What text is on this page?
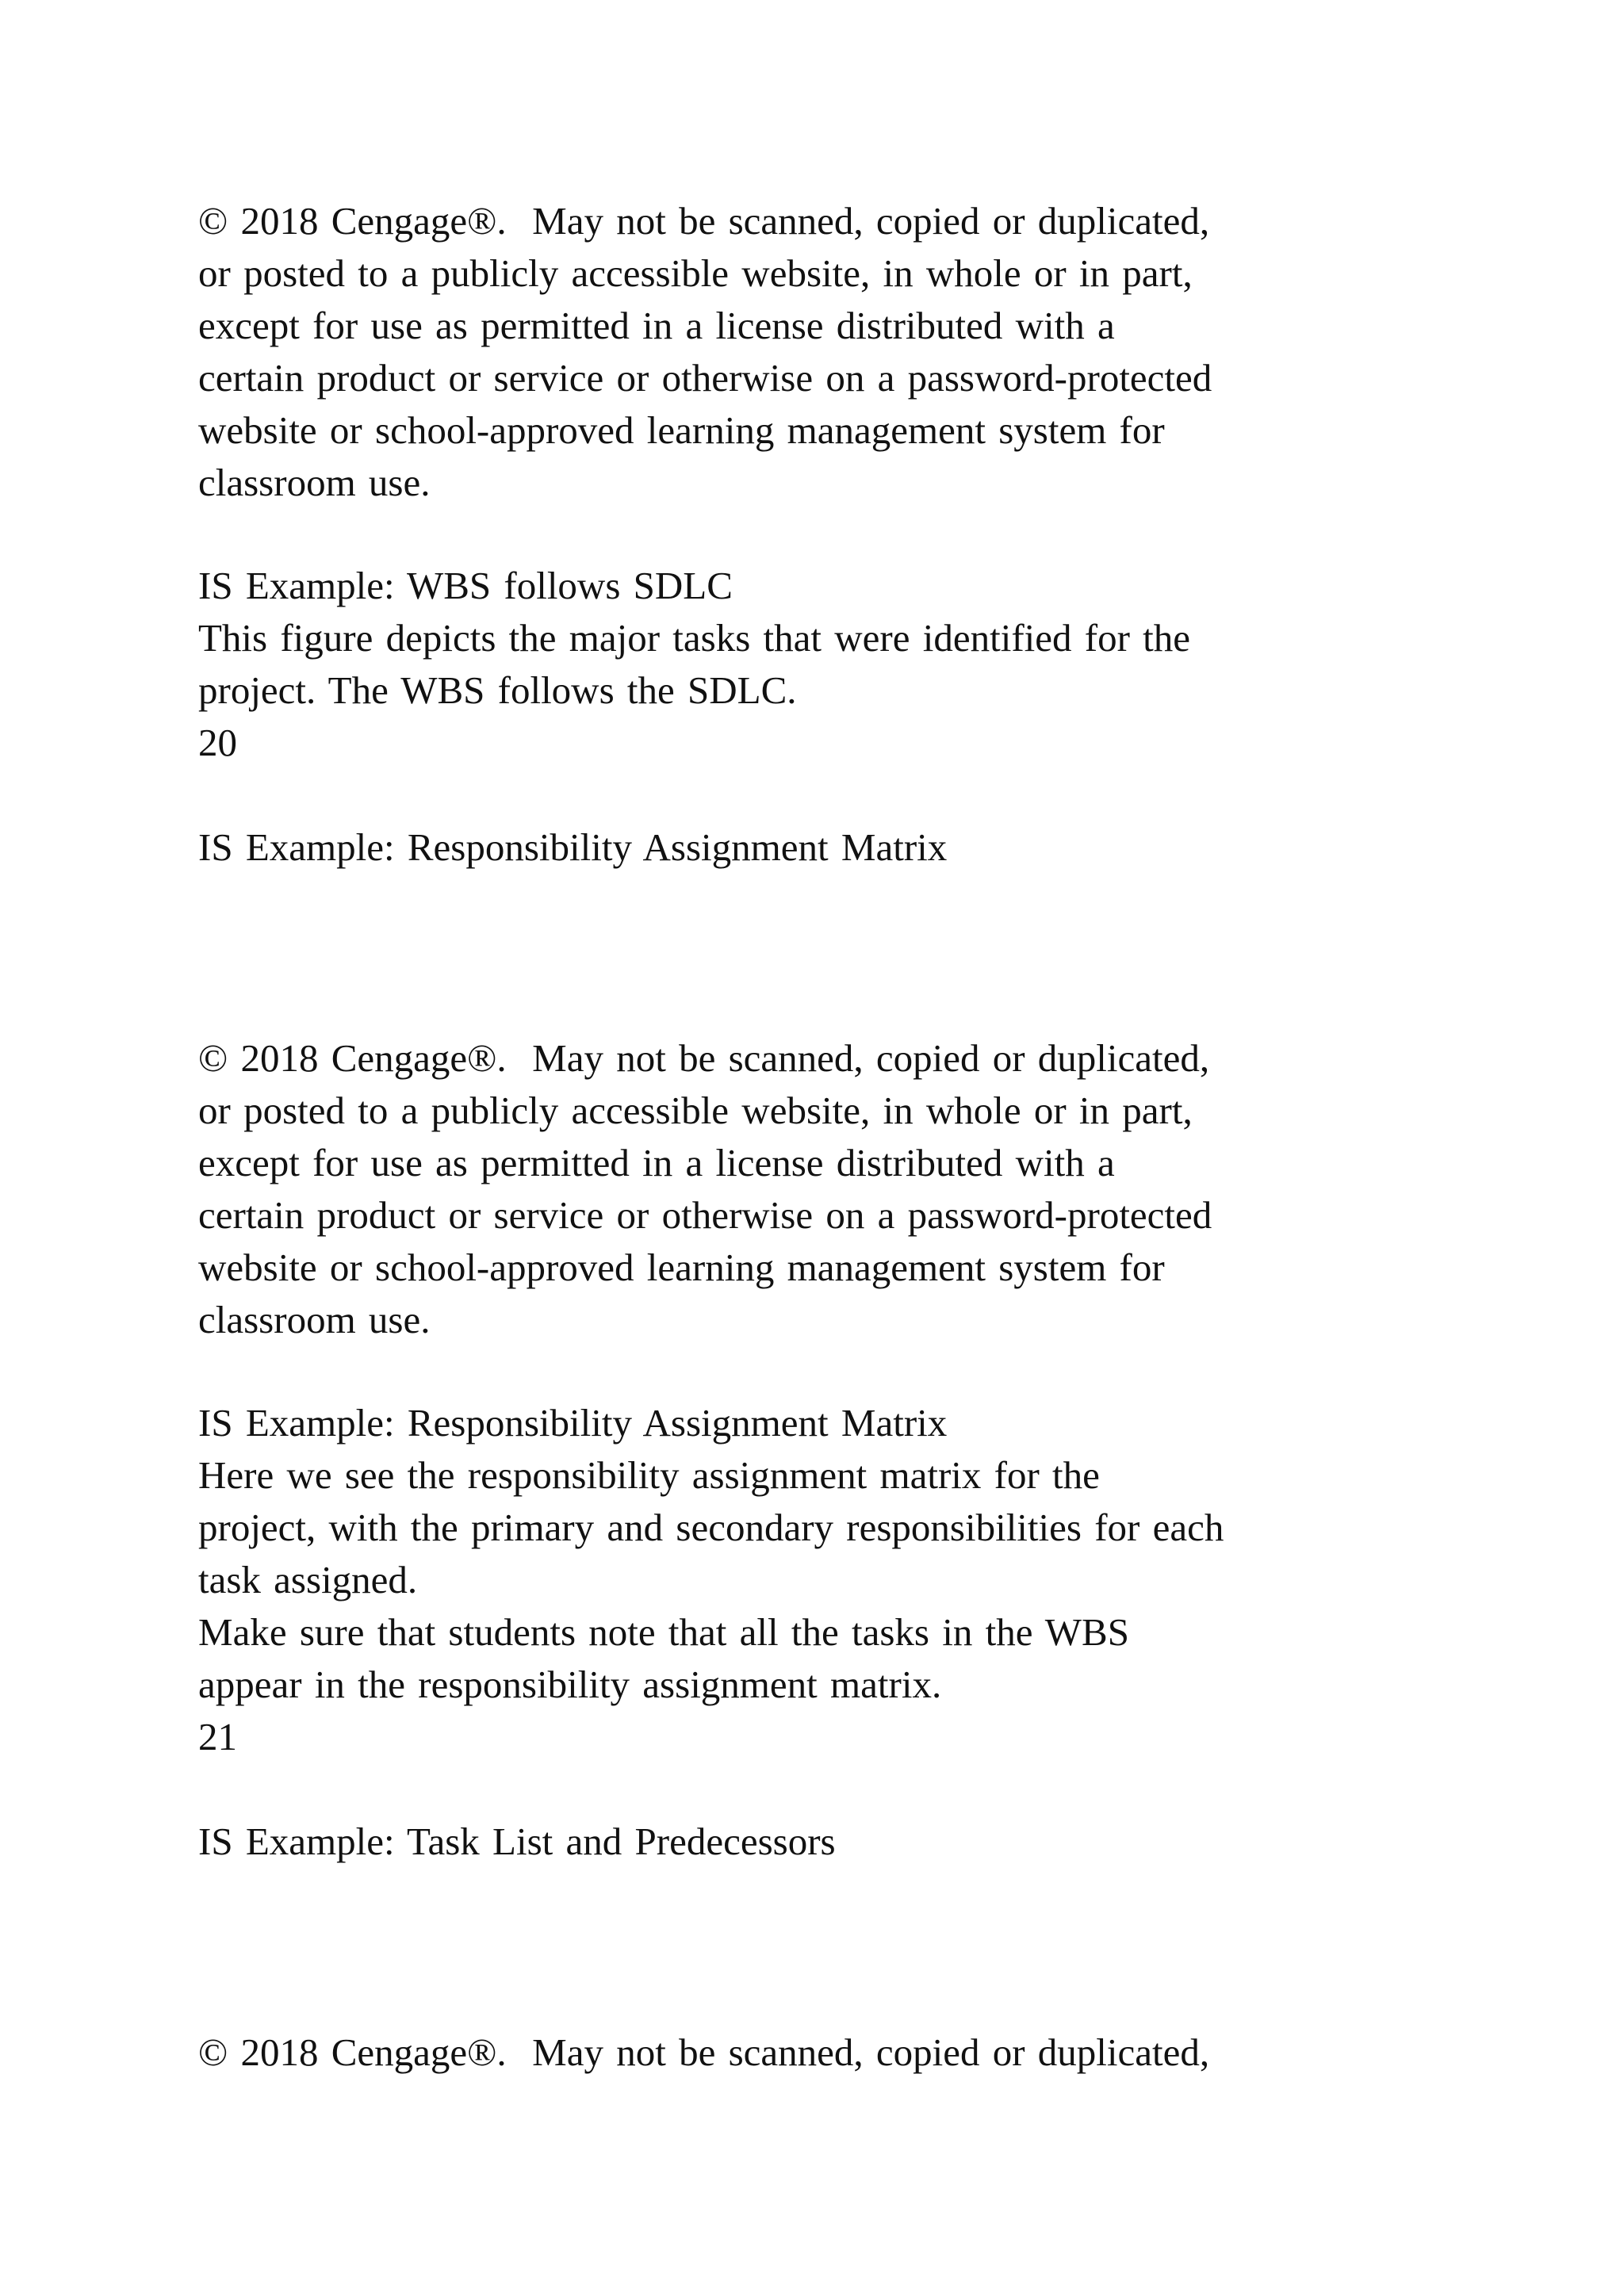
© 2018 Cengage®.  May not be scanned, copied or duplicated,
or posted to a publicly accessible website, in whole or in part,
except for use as permitted in a license distributed with a
certain product or service or otherwise on a password-protected
website or school-approved learning management system for
classroom use.
IS Example: WBS follows SDLC
This figure depicts the major tasks that were identified for the
project. The WBS follows the SDLC.
20
IS Example: Responsibility Assignment Matrix
© 2018 Cengage®.  May not be scanned, copied or duplicated,
or posted to a publicly accessible website, in whole or in part,
except for use as permitted in a license distributed with a
certain product or service or otherwise on a password-protected
website or school-approved learning management system for
classroom use.
IS Example: Responsibility Assignment Matrix
Here we see the responsibility assignment matrix for the
project, with the primary and secondary responsibilities for each
task assigned.
Make sure that students note that all the tasks in the WBS
appear in the responsibility assignment matrix.
21
IS Example: Task List and Predecessors
© 2018 Cengage®.  May not be scanned, copied or duplicated,
